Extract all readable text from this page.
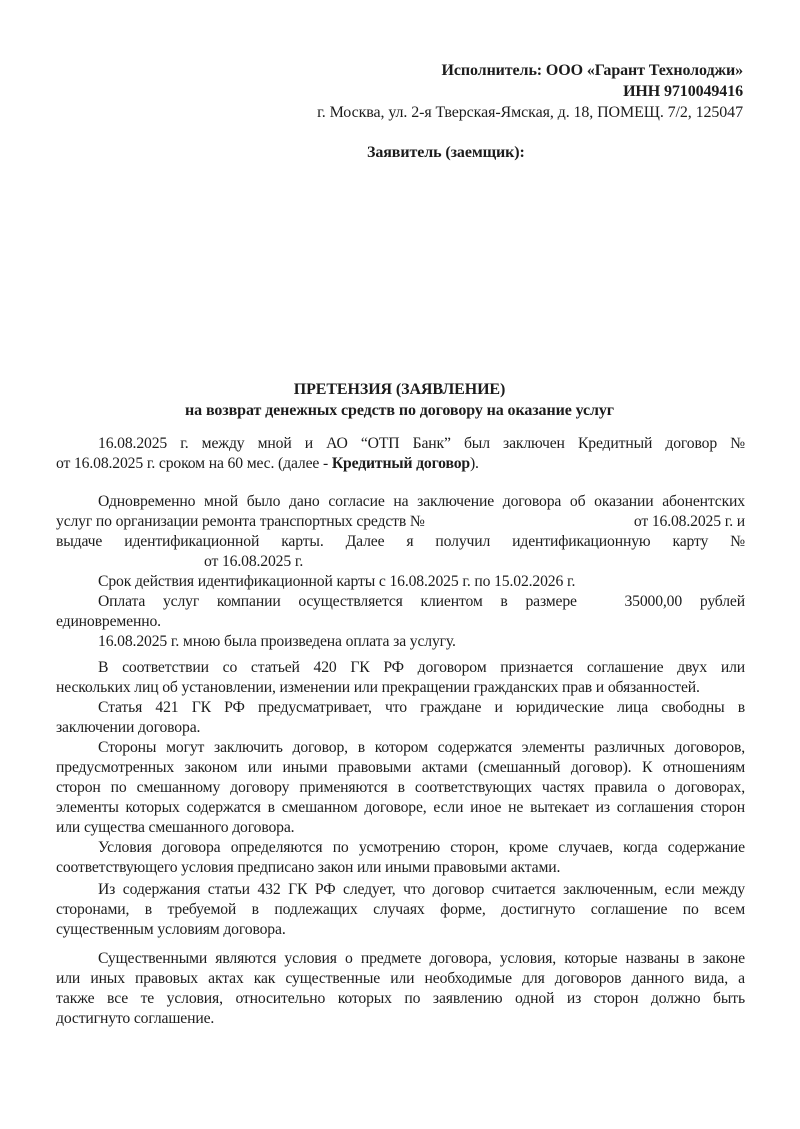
Исполнитель: ООО «Гарант Технолоджи»
ИНН 9710049416
г. Москва, ул. 2-я Тверская-Ямская, д. 18, ПОМЕЩ. 7/2, 125047
Заявитель (заемщик):
ПРЕТЕНЗИЯ (ЗАЯВЛЕНИЕ)
на возврат денежных средств по договору на оказание услуг
16.08.2025 г. между мной и АО “ОТП Банк” был заключен Кредитный договор №
от 16.08.2025 г. сроком на 60 мес. (далее - Кредитный договор).
Одновременно мной было дано согласие на заключение договора об оказании абонентских
услуг по организации ремонта транспортных средств №	от 16.08.2025 г. и
выдаче идентификационной карты. Далее я получил идентификационную карту №
от 16.08.2025 г.
Срок действия идентификационной карты с 16.08.2025 г. по 15.02.2026 г.
Оплата услуг компании осуществляется клиентом в размере	35000,00 рублей
единовременно.
16.08.2025 г. мною была произведена оплата за услугу.
В соответствии со статьей 420 ГК РФ договором признается соглашение двух или
нескольких лиц об установлении, изменении или прекращении гражданских прав и обязанностей.
Статья 421 ГК РФ предусматривает, что граждане и юридические лица свободны в
заключении договора.
Стороны могут заключить договор, в котором содержатся элементы различных договоров,
предусмотренных законом или иными правовыми актами (смешанный договор). К отношениям
сторон по смешанному договору применяются в соответствующих частях правила о договорах,
элементы которых содержатся в смешанном договоре, если иное не вытекает из соглашения сторон
или существа смешанного договора.
Условия договора определяются по усмотрению сторон, кроме случаев, когда содержание
соответствующего условия предписано закон или иными правовыми актами.
Из содержания статьи 432 ГК РФ следует, что договор считается заключенным, если между
сторонами, в требуемой в подлежащих случаях форме, достигнуто соглашение по всем
существенным условиям договора.
Существенными являются условия о предмете договора, условия, которые названы в законе
или иных правовых актах как существенные или необходимые для договоров данного вида, а
также все те условия, относительно которых по заявлению одной из сторон должно быть
достигнуто соглашение.
